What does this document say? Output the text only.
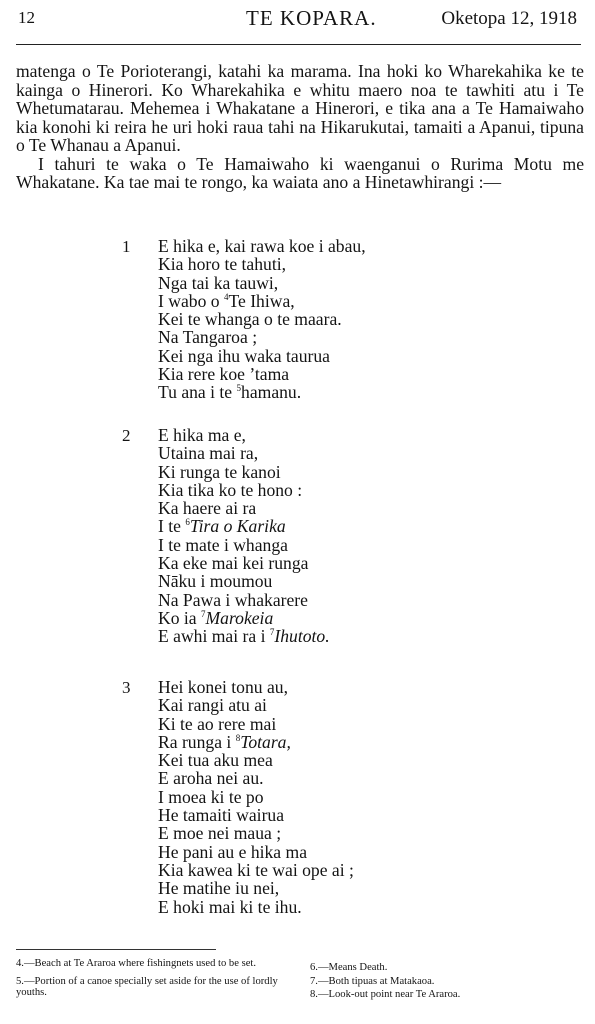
12	TE KOPARA.	Oketopa 12, 1918

matenga o Te Porioterangi, katahi ka marama. Ina hoki ko Wharekahika ke te kainga o Hinerori. Ko Wharekahika e whitu maero noa te tawhiti atu i Te Whetumatarau. Mehemea i Whakatane a Hinerori, e tika ana a Te Hamaiwaho kia konohi ki reira he uri hoki raua tahi na Hikarukutai, tamaiti a Apanui, tipuna o Te Whanau a Apanui.

I tahuri te waka o Te Hamaiwaho ki waenganui o Rurima Motu me Whakatane. Ka tae mai te rongo, ka waiata ano a Hinetawhirangi :—

1 E hika e, kai rawa koe i abau,
Kia horo te tahuti,
Nga tai ka tauwi,
I wabo o $^4$Te Ihiwa,
Kei te whanga o te maara.
Na Tangaroa ;
Kei nga ihu waka taurua
Kia rere koe ’tama
Tu ana i te $^5$hamanu.
2 E hika ma e,
Utaina mai ra,
Ki runga te kanoi
Kia tika ko te hono :
Ka haere ai ra
I te $^6$Tira o Karika
I te mate i whanga
Ka eke mai kei runga
Nāku i moumou
Na Pawa i whakarere
Ko ia $^7$Marokeia
E awhi mai ra i $^7$Ihutoto.
3 Hei konei tonu au,
Kai rangi atu ai
Ki te ao rere mai
Ra runga i $^8$Totara,
Kei tua aku mea
E aroha nei au.
I moea ki te po
He tamaiti wairua
E moe nei maua ;
He pani au e hika ma
Kia kawea ki te wai ope ai ;
He matihe iu nei,
E hoki mai ki te ihu.

4.—Beach at Te Araroa where fishingnets used to be set.

5.—Portion of a canoe specially set aside for the use of lordly youths.

6.—Means Death.

7.—Both tipuas at Matakaoa.

8.—Look-out point near Te Araroa.
